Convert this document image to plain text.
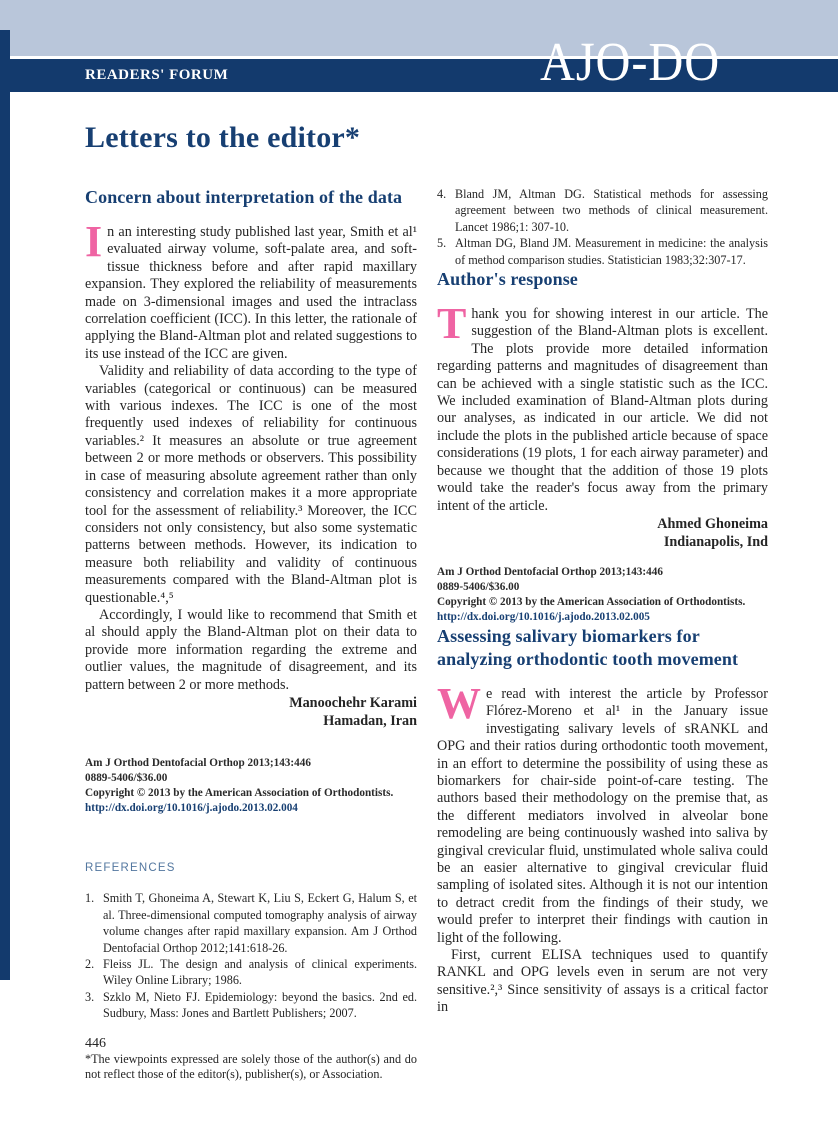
READERS' FORUM	AJO-DO
Letters to the editor*
Concern about interpretation of the data

In an interesting study published last year, Smith et al¹ evaluated airway volume, soft-palate area, and soft-tissue thickness before and after rapid maxillary expansion. They explored the reliability of measurements made on 3-dimensional images and used the intraclass correlation coefficient (ICC). In this letter, the rationale of applying the Bland-Altman plot and related suggestions to its use instead of the ICC are given.

Validity and reliability of data according to the type of variables (categorical or continuous) can be measured with various indexes. The ICC is one of the most frequently used indexes of reliability for continuous variables.² It measures an absolute or true agreement between 2 or more methods or observers. This possibility in case of measuring absolute agreement rather than only consistency and correlation makes it a more appropriate tool for the assessment of reliability.³ Moreover, the ICC considers not only consistency, but also some systematic patterns between methods. However, its indication to measure both reliability and validity of continuous measurements compared with the Bland-Altman plot is questionable.⁴,⁵

Accordingly, I would like to recommend that Smith et al should apply the Bland-Altman plot on their data to provide more information regarding the extreme and outlier values, the magnitude of disagreement, and its pattern between 2 or more methods.

Manoochehr Karami
Hamadan, Iran

Am J Orthod Dentofacial Orthop 2013;143:446
0889-5406/$36.00
Copyright © 2013 by the American Association of Orthodontists.
http://dx.doi.org/10.1016/j.ajodo.2013.02.004
REFERENCES
1. Smith T, Ghoneima A, Stewart K, Liu S, Eckert G, Halum S, et al. Three-dimensional computed tomography analysis of airway volume changes after rapid maxillary expansion. Am J Orthod Dentofacial Orthop 2012;141:618-26.
2. Fleiss JL. The design and analysis of clinical experiments. Wiley Online Library; 1986.
3. Szklo M, Nieto FJ. Epidemiology: beyond the basics. 2nd ed. Sudbury, Mass: Jones and Bartlett Publishers; 2007.
*The viewpoints expressed are solely those of the author(s) and do not reflect those of the editor(s), publisher(s), or Association.
4. Bland JM, Altman DG. Statistical methods for assessing agreement between two methods of clinical measurement. Lancet 1986;1: 307-10.
5. Altman DG, Bland JM. Measurement in medicine: the analysis of method comparison studies. Statistician 1983;32:307-17.
Author's response

Thank you for showing interest in our article. The suggestion of the Bland-Altman plots is excellent. The plots provide more detailed information regarding patterns and magnitudes of disagreement than can be achieved with a single statistic such as the ICC. We included examination of Bland-Altman plots during our analyses, as indicated in our article. We did not include the plots in the published article because of space considerations (19 plots, 1 for each airway parameter) and because we thought that the addition of those 19 plots would take the reader's focus away from the primary intent of the article.

Ahmed Ghoneima
Indianapolis, Ind

Am J Orthod Dentofacial Orthop 2013;143:446
0889-5406/$36.00
Copyright © 2013 by the American Association of Orthodontists.
http://dx.doi.org/10.1016/j.ajodo.2013.02.005
Assessing salivary biomarkers for analyzing orthodontic tooth movement

We read with interest the article by Professor Flórez-Moreno et al¹ in the January issue investigating salivary levels of sRANKL and OPG and their ratios during orthodontic tooth movement, in an effort to determine the possibility of using these as biomarkers for chair-side point-of-care testing. The authors based their methodology on the premise that, as the different mediators involved in alveolar bone remodeling are being continuously washed into saliva by gingival crevicular fluid, unstimulated whole saliva could be an easier alternative to gingival crevicular fluid sampling of isolated sites. Although it is not our intention to detract credit from the findings of their study, we would prefer to interpret their findings with caution in light of the following.

First, current ELISA techniques used to quantify RANKL and OPG levels even in serum are not very sensitive.²,³ Since sensitivity of assays is a critical factor in

446
